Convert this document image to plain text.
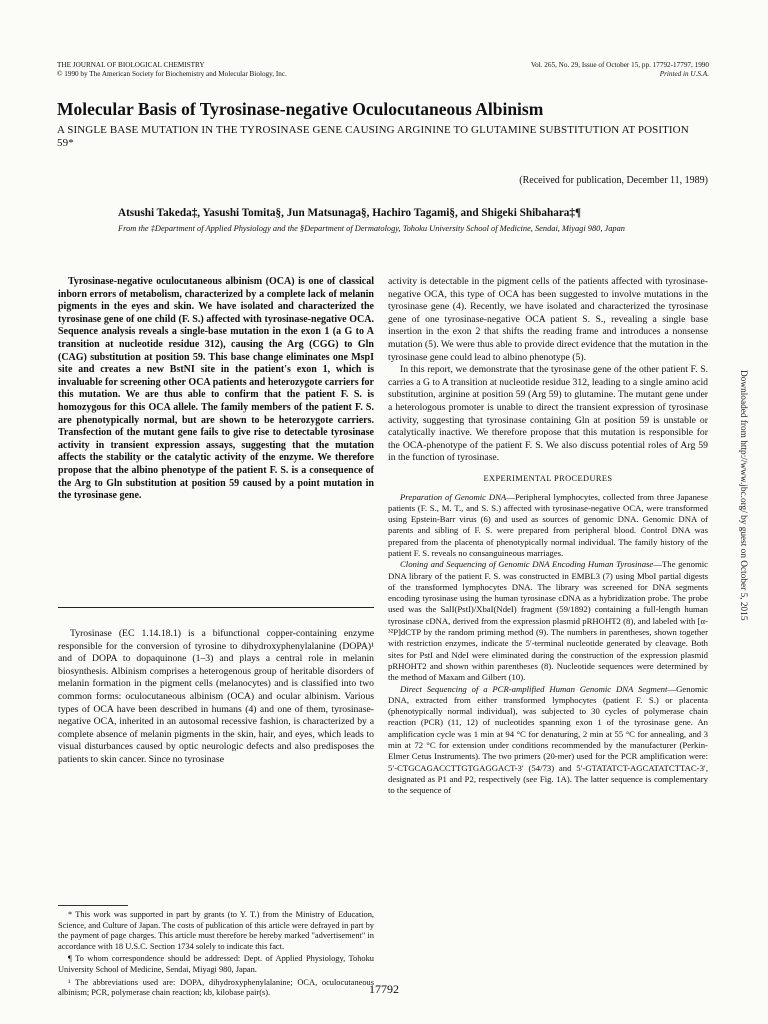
THE JOURNAL OF BIOLOGICAL CHEMISTRY
© 1990 by The American Society for Biochemistry and Molecular Biology, Inc.
Vol. 265, No. 29, Issue of October 15, pp. 17792-17797, 1990
Printed in U.S.A.
Molecular Basis of Tyrosinase-negative Oculocutaneous Albinism
A SINGLE BASE MUTATION IN THE TYROSINASE GENE CAUSING ARGININE TO GLUTAMINE SUBSTITUTION AT POSITION 59*
(Received for publication, December 11, 1989)
Atsushi Takeda‡, Yasushi Tomita§, Jun Matsunaga§, Hachiro Tagami§, and Shigeki Shibahara‡¶
From the ‡Department of Applied Physiology and the §Department of Dermatology, Tohoku University School of Medicine, Sendai, Miyagi 980, Japan

Tyrosinase-negative oculocutaneous albinism (OCA) is one of classical inborn errors of metabolism, characterized by a complete lack of melanin pigments in the eyes and skin. We have isolated and characterized the tyrosinase gene of one child (F. S.) affected with tyrosinase-negative OCA. Sequence analysis reveals a single-base mutation in the exon 1 (a G to A transition at nucleotide residue 312), causing the Arg (CGG) to Gln (CAG) substitution at position 59. This base change eliminates one MspI site and creates a new BstNI site in the patient's exon 1, which is invaluable for screening other OCA patients and heterozygote carriers for this mutation. We are thus able to confirm that the patient F. S. is homozygous for this OCA allele. The family members of the patient F. S. are phenotypically normal, but are shown to be heterozygote carriers. Transfection of the mutant gene fails to give rise to detectable tyrosinase activity in transient expression assays, suggesting that the mutation affects the stability or the catalytic activity of the enzyme. We therefore propose that the albino phenotype of the patient F. S. is a consequence of the Arg to Gln substitution at position 59 caused by a point mutation in the tyrosinase gene.

Tyrosinase (EC 1.14.18.1) is a bifunctional copper-containing enzyme responsible for the conversion of tyrosine to dihydroxyphenylalanine (DOPA)¹ and of DOPA to dopaquinone (1–3) and plays a central role in melanin biosynthesis. Albinism comprises a heterogenous group of heritable disorders of melanin formation in the pigment cells (melanocytes) and is classified into two common forms: oculocutaneous albinism (OCA) and ocular albinism. Various types of OCA have been described in humans (4) and one of them, tyrosinase-negative OCA, inherited in an autosomal recessive fashion, is characterized by a complete absence of melanin pigments in the skin, hair, and eyes, which leads to visual disturbances caused by optic neurologic defects and also predisposes the patients to skin cancer. Since no tyrosinase

* This work was supported in part by grants (to Y. T.) from the Ministry of Education, Science, and Culture of Japan. The costs of publication of this article were defrayed in part by the payment of page charges. This article must therefore be hereby marked "advertisement" in accordance with 18 U.S.C. Section 1734 solely to indicate this fact.

¶ To whom correspondence should be addressed: Dept. of Applied Physiology, Tohoku University School of Medicine, Sendai, Miyagi 980, Japan.

¹ The abbreviations used are: DOPA, dihydroxyphenylalanine; OCA, oculocutaneous albinism; PCR, polymerase chain reaction; kb, kilobase pair(s).

activity is detectable in the pigment cells of the patients affected with tyrosinase-negative OCA, this type of OCA has been suggested to involve mutations in the tyrosinase gene (4). Recently, we have isolated and characterized the tyrosinase gene of one tyrosinase-negative OCA patient S. S., revealing a single base insertion in the exon 2 that shifts the reading frame and introduces a nonsense mutation (5). We were thus able to provide direct evidence that the mutation in the tyrosinase gene could lead to albino phenotype (5).

In this report, we demonstrate that the tyrosinase gene of the other patient F. S. carries a G to A transition at nucleotide residue 312, leading to a single amino acid substitution, arginine at position 59 (Arg 59) to glutamine. The mutant gene under a heterologous promoter is unable to direct the transient expression of tyrosinase activity, suggesting that tyrosinase containing Gln at position 59 is unstable or catalytically inactive. We therefore propose that this mutation is responsible for the OCA-phenotype of the patient F. S. We also discuss potential roles of Arg 59 in the function of tyrosinase.

EXPERIMENTAL PROCEDURES

Preparation of Genomic DNA—Peripheral lymphocytes, collected from three Japanese patients (F. S., M. T., and S. S.) affected with tyrosinase-negative OCA, were transformed using Epstein-Barr virus (6) and used as sources of genomic DNA. Genomic DNA of parents and sibling of F. S. were prepared from peripheral blood. Control DNA was prepared from the placenta of phenotypically normal individual. The family history of the patient F. S. reveals no consanguineous marriages.

Cloning and Sequencing of Genomic DNA Encoding Human Tyrosinase—The genomic DNA library of the patient F. S. was constructed in EMBL3 (7) using MboI partial digests of the transformed lymphocytes DNA. The library was screened for DNA segments encoding tyrosinase using the human tyrosinase cDNA as a hybridization probe. The probe used was the SalI(PstI)/XbaI(NdeI) fragment (59/1892) containing a full-length human tyrosinase cDNA, derived from the expression plasmid pRHOHT2 (8), and labeled with [α-³²P]dCTP by the random priming method (9). The numbers in parentheses, shown together with restriction enzymes, indicate the 5′-terminal nucleotide generated by cleavage. Both sites for PstI and NdeI were eliminated during the construction of the expression plasmid pRHOHT2 and shown within parentheses (8). Nucleotide sequences were determined by the method of Maxam and Gilbert (10).

Direct Sequencing of a PCR-amplified Human Genomic DNA Segment—Genomic DNA, extracted from either transformed lymphocytes (patient F. S.) or placenta (phenotypically normal individual), was subjected to 30 cycles of polymerase chain reaction (PCR) (11, 12) of nucleotides spanning exon 1 of the tyrosinase gene. An amplification cycle was 1 min at 94 °C for denaturing, 2 min at 55 °C for annealing, and 3 min at 72 °C for extension under conditions recommended by the manufacturer (Perkin-Elmer Cetus Instruments). The two primers (20-mer) used for the PCR amplification were: 5′-CTGCAGACCTTGTGAGGACT-3′ (54/73) and 5′-GTATATCT-AGCATATCTTAC-3′, designated as P1 and P2, respectively (see Fig. 1A). The latter sequence is complementary to the sequence of

17792
Downloaded from http://www.jbc.org/ by guest on October 5, 2015
